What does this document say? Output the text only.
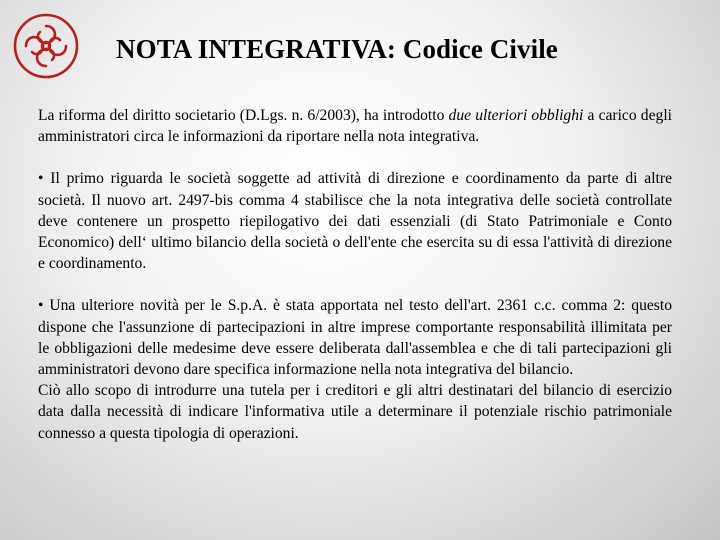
NOTA INTEGRATIVA: Codice Civile

La riforma del diritto societario (D.Lgs. n. 6/2003), ha introdotto due ulteriori obblighi a carico degli amministratori circa le informazioni da riportare nella nota integrativa.

• Il primo riguarda le società soggette ad attività di direzione e coordinamento da parte di altre società. Il nuovo art. 2497-bis comma 4 stabilisce che la nota integrativa delle società controllate deve contenere un prospetto riepilogativo dei dati essenziali (di Stato Patrimoniale e Conto Economico) dell‘ ultimo bilancio della società o dell'ente che esercita su di essa l'attività di direzione e coordinamento.

• Una ulteriore novità per le S.p.A. è stata apportata nel testo dell'art. 2361 c.c. comma 2: questo dispone che l'assunzione di partecipazioni in altre imprese comportante responsabilità illimitata per le obbligazioni delle medesime deve essere deliberata dall'assemblea e che di tali partecipazioni gli amministratori devono dare specifica informazione nella nota integrativa del bilancio.

Ciò allo scopo di introdurre una tutela per i creditori e gli altri destinatari del bilancio di esercizio data dalla necessità di indicare l'informativa utile a determinare il potenziale rischio patrimoniale connesso a questa tipologia di operazioni.
